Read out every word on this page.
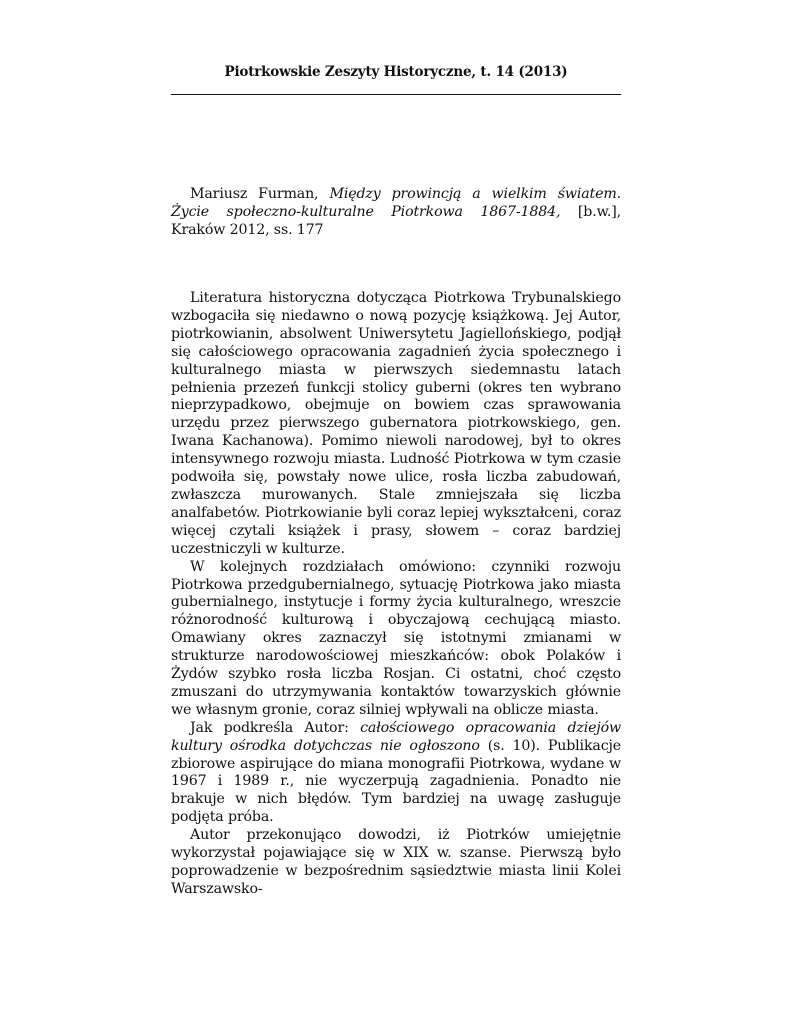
Piotrkowskie Zeszyty Historyczne, t. 14 (2013)
Mariusz Furman, Między prowincją a wielkim światem. Życie społeczno-kulturalne Piotrkowa 1867-1884, [b.w.], Kraków 2012, ss. 177

Literatura historyczna dotycząca Piotrkowa Trybunalskiego wzbogaciła się niedawno o nową pozycję książkową. Jej Autor, piotrkowianin, absolwent Uniwersytetu Jagiellońskiego, podjął się całościowego opracowania zagadnień życia społecznego i kulturalnego miasta w pierwszych siedemnastu latach pełnienia przezeń funkcji stolicy guberni (okres ten wybrano nieprzypadkowo, obejmuje on bowiem czas sprawowania urzędu przez pierwszego gubernatora piotrkowskiego, gen. Iwana Kachanowa). Pomimo niewoli narodowej, był to okres intensywnego rozwoju miasta. Ludność Piotrkowa w tym czasie podwoiła się, powstały nowe ulice, rosła liczba zabudowań, zwłaszcza murowanych. Stale zmniejszała się liczba analfabetów. Piotrkowianie byli coraz lepiej wykształceni, coraz więcej czytali książek i prasy, słowem – coraz bardziej uczestniczyli w kulturze.

W kolejnych rozdziałach omówiono: czynniki rozwoju Piotrkowa przedgubernialnego, sytuację Piotrkowa jako miasta gubernialnego, instytucje i formy życia kulturalnego, wreszcie różnorodność kulturową i obyczajową cechującą miasto. Omawiany okres zaznaczył się istotnymi zmianami w strukturze narodowościowej mieszkańców: obok Polaków i Żydów szybko rosła liczba Rosjan. Ci ostatni, choć często zmuszani do utrzymywania kontaktów towarzyskich głównie we własnym gronie, coraz silniej wpływali na oblicze miasta.

Jak podkreśla Autor: całościowego opracowania dziejów kultury ośrodka dotychczas nie ogłoszono (s. 10). Publikacje zbiorowe aspirujące do miana monografii Piotrkowa, wydane w 1967 i 1989 r., nie wyczerpują zagadnienia. Ponadto nie brakuje w nich błędów. Tym bardziej na uwagę zasługuje podjęta próba.

Autor przekonująco dowodzi, iż Piotrków umiejętnie wykorzystał pojawiające się w XIX w. szanse. Pierwszą było poprowadzenie w bezpośrednim sąsiedztwie miasta linii Kolei Warszawsko-
